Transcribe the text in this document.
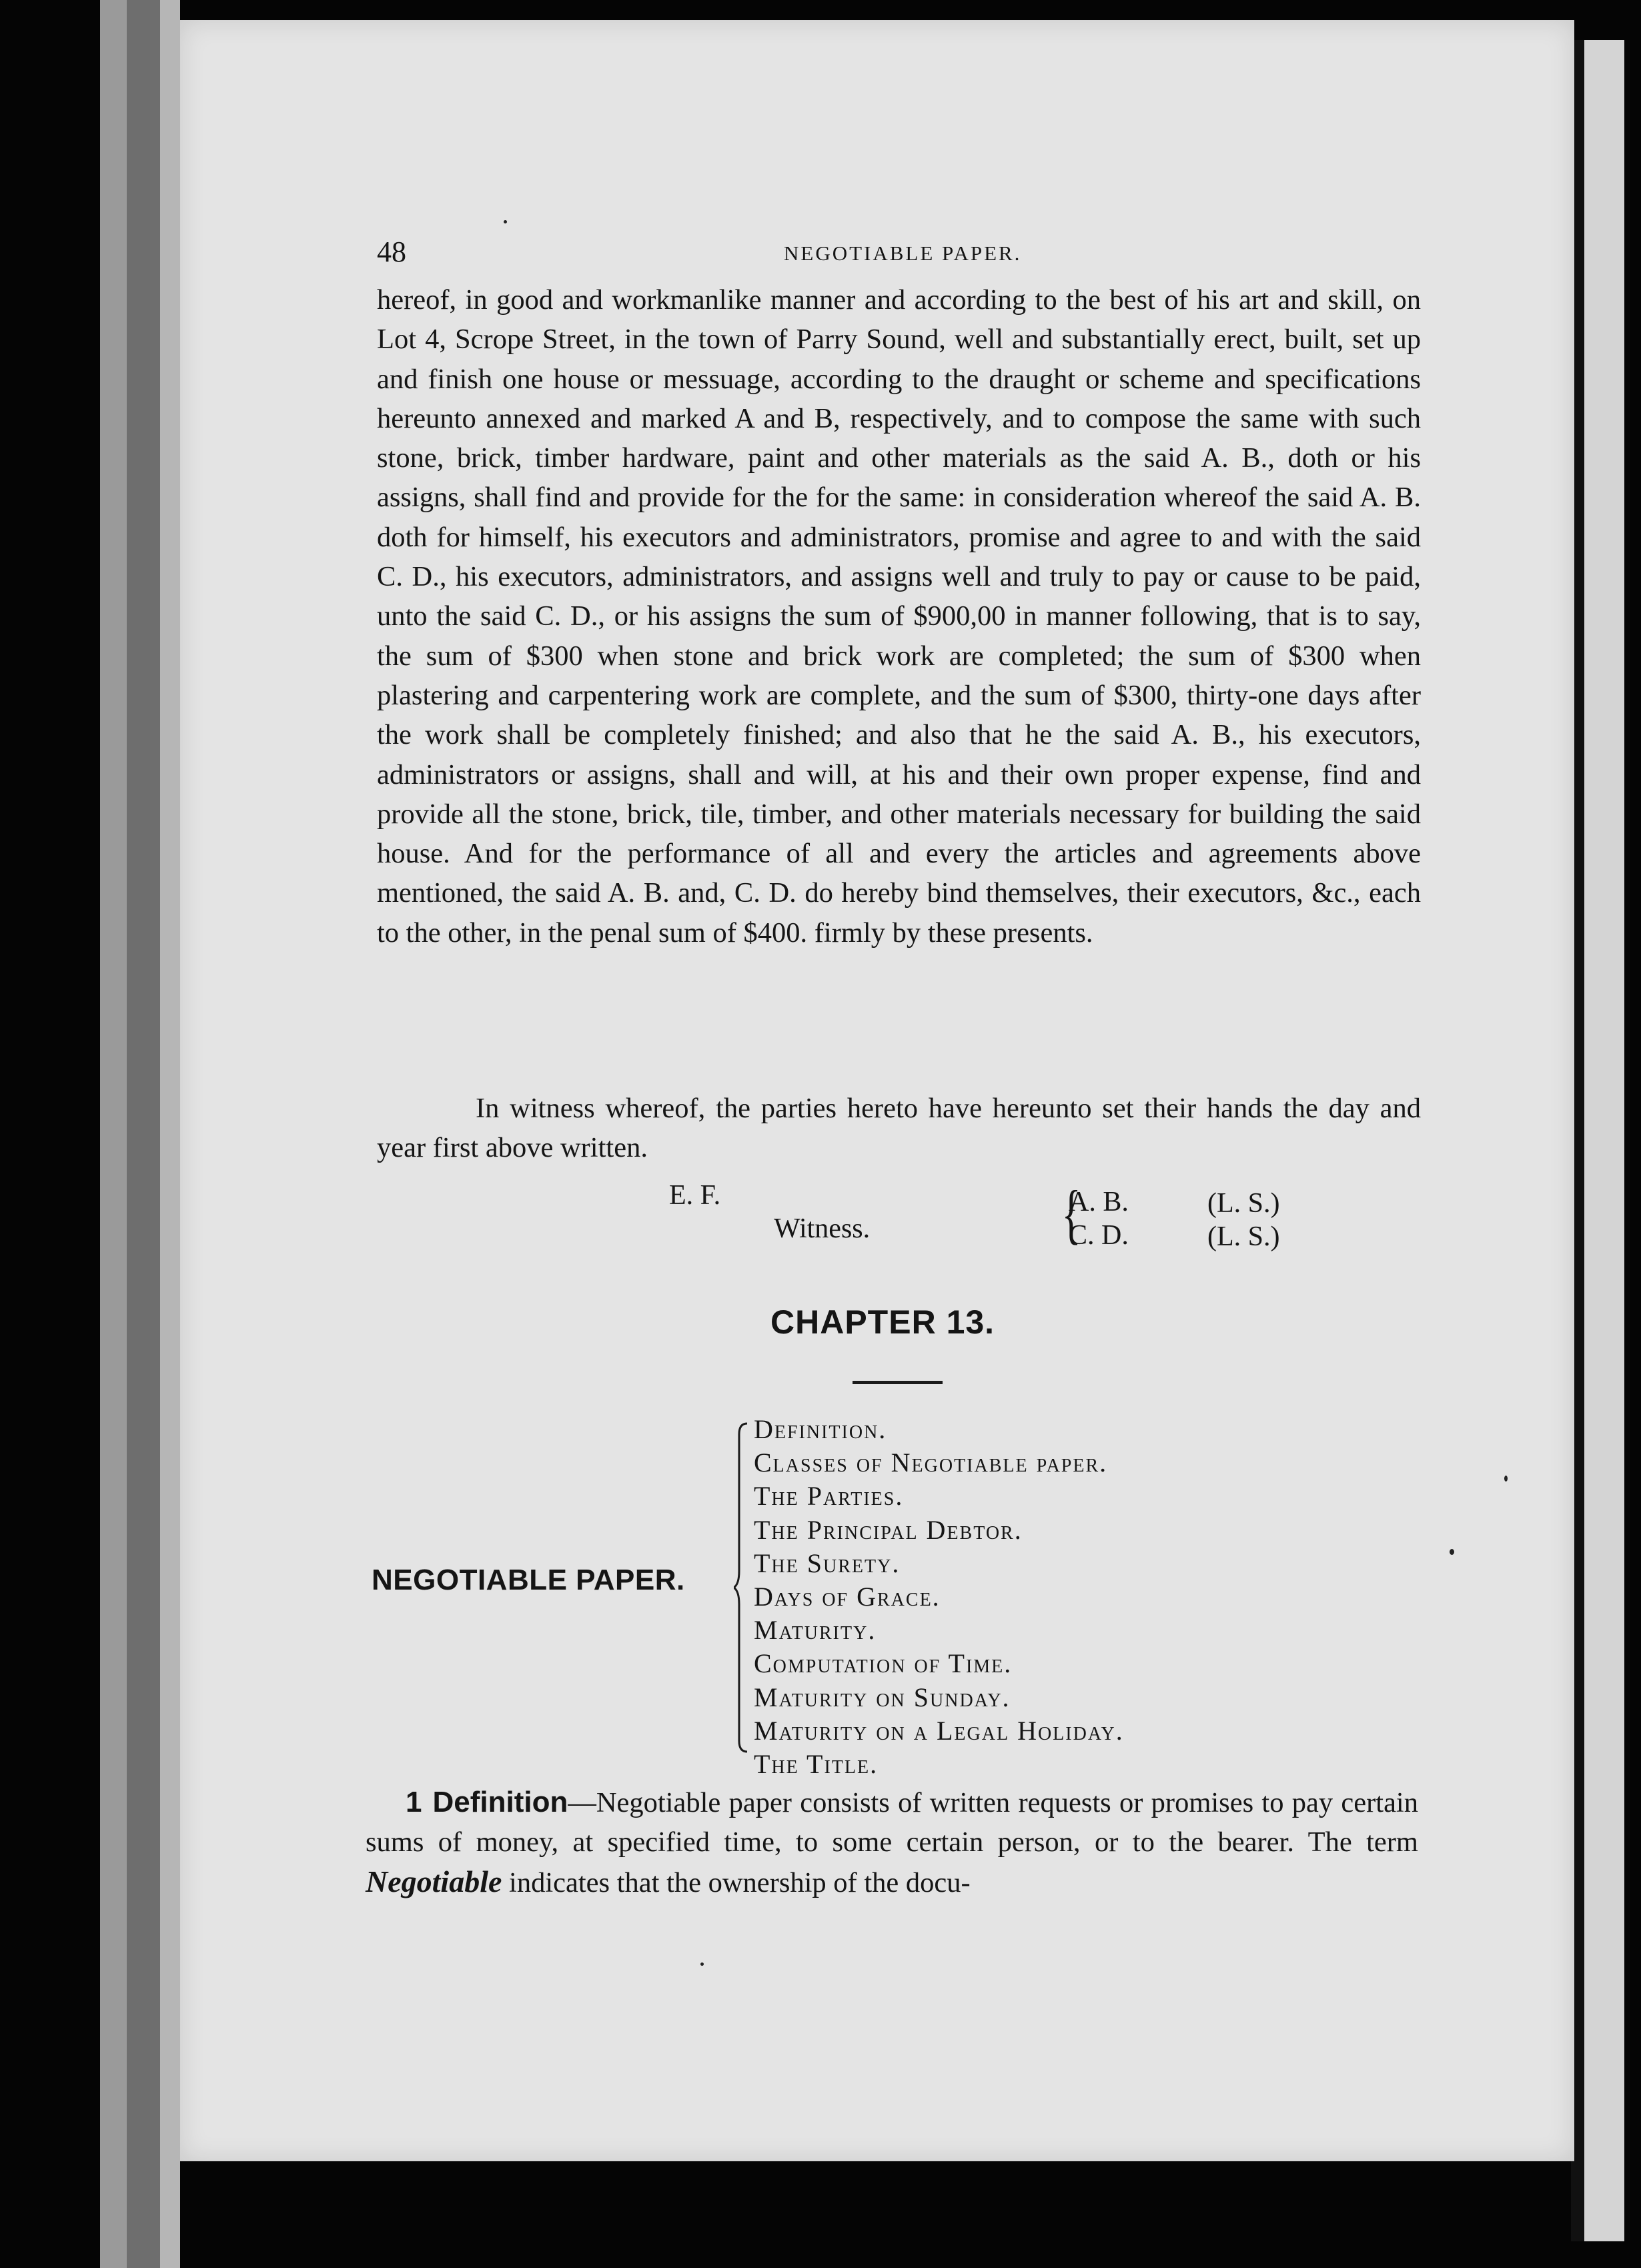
48	NEGOTIABLE PAPER.

hereof, in good and workmanlike manner and according to the best of his art and skill, on Lot 4, Scrope Street, in the town of Parry Sound, well and substantially erect, built, set up and finish one house or messuage, according to the draught or scheme and specifications hereunto annexed and marked A and B, respectively, and to compose the same with such stone, brick, timber hardware, paint and other materials as the said A. B., doth or his assigns, shall find and provide for the for the same: in consideration whereof the said A. B. doth for himself, his executors and administrators, promise and agree to and with the said C. D., his executors, administrators, and assigns well and truly to pay or cause to be paid, unto the said C. D., or his assigns the sum of $900,00 in manner following, that is to say, the sum of $300 when stone and brick work are completed; the sum of $300 when plastering and carpentering work are complete, and the sum of $300, thirty-one days after the work shall be completely finished; and also that he the said A. B., his executors, administrators or assigns, shall and will, at his and their own proper expense, find and provide all the stone, brick, tile, timber, and other materials necessary for building the said house. And for the performance of all and every the articles and agreements above mentioned, the said A. B. and, C. D. do hereby bind themselves, their executors, &c., each to the other, in the penal sum of $400. firmly by these presents.

In witness whereof, the parties hereto have hereunto set their hands the day and year first above written.

E. F.
Witness.	{
A. B.
C. D.
(L. S.)
(L. S.)
CHAPTER 13.
NEGOTIABLE PAPER.
Definition.
Classes of Negotiable paper.
The Parties.
The Principal Debtor.
The Surety.
Days of Grace.
Maturity.
Computation of Time.
Maturity on Sunday.
Maturity on a Legal Holiday.
The Title.

1 Definition—Negotiable paper consists of written requests or promises to pay certain sums of money, at specified time, to some certain person, or to the bearer. The term Negotiable indicates that the ownership of the docu-
